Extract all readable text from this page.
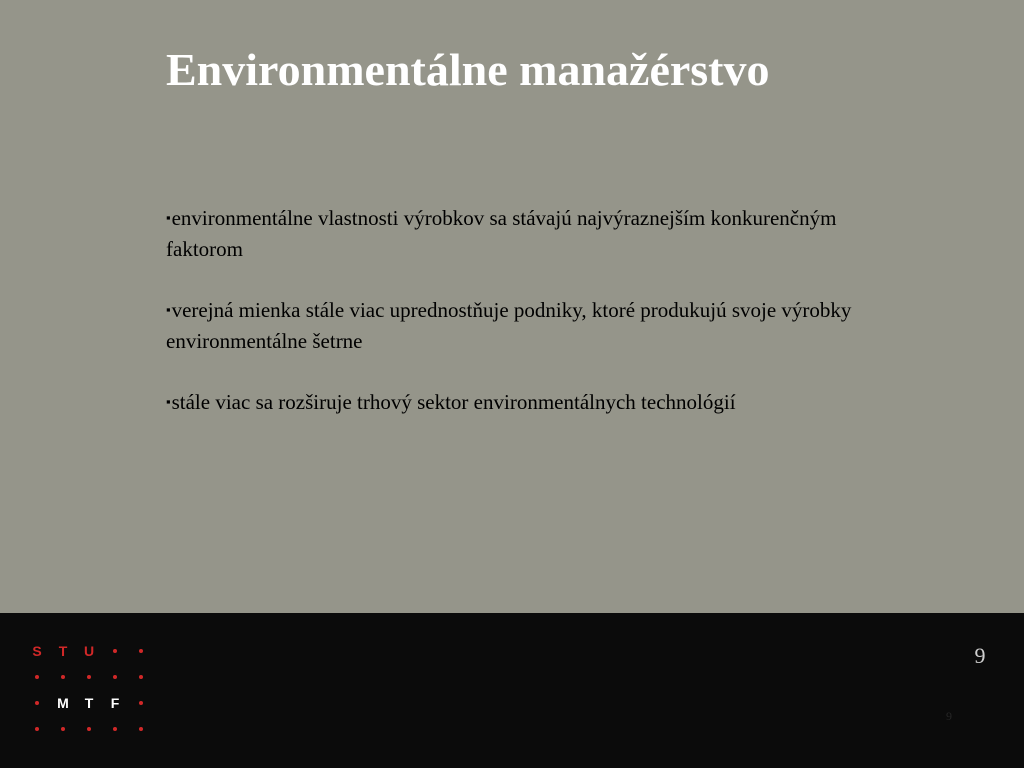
Environmentálne manažérstvo
▪environmentálne vlastnosti výrobkov sa stávajú najvýraznejším konkurenčným faktorom
▪verejná mienka stále viac uprednostňuje podniky, ktoré produkujú svoje výrobky environmentálne šetrne
▪stále viac sa rozširuje trhový sektor environmentálnych technológií
S T U
M T F
9
9
